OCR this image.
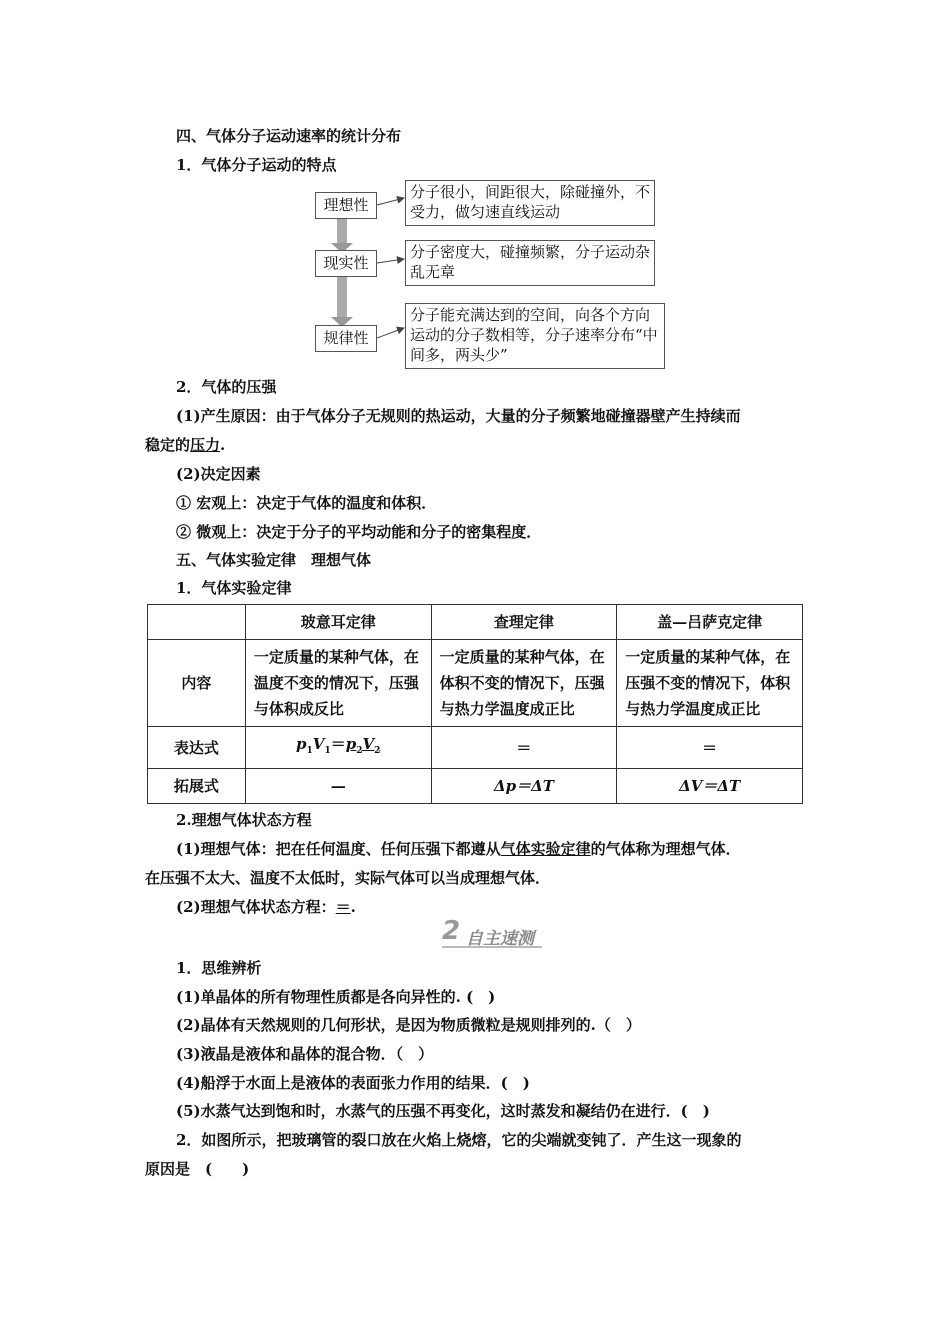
四、气体分子运动速率的统计分布
1．气体分子运动的特点
理想性
分子很小，间距很大，除碰撞外，不受力，做匀速直线运动
现实性
分子密度大，碰撞频繁，分子运动杂乱无章
规律性
分子能充满达到的空间，向各个方向运动的分子数相等，分子速率分布“中间多，两头少”
2．气体的压强
(1)产生原因：由于气体分子无规则的热运动，大量的分子频繁地碰撞器壁产生持续而
稳定的压力.
(2)决定因素
① 宏观上：决定于气体的温度和体积．
② 微观上：决定于分子的平均动能和分子的密集程度．
五、气体实验定律　理想气体
1．气体实验定律
	玻意耳定律	查理定律	盖—吕萨克定律
内容	一定质量的某种气体，在温度不变的情况下，压强与体积成反比	一定质量的某种气体，在体积不变的情况下，压强与热力学温度成正比	一定质量的某种气体，在压强不变的情况下，体积与热力学温度成正比
表达式	$p_1V_1=p_2V_2$	＝	＝
拓展式	—	Δp＝ΔT	ΔV＝ΔT
2.理想气体状态方程
(1)理想气体：把在任何温度、任何压强下都遵从气体实验定律的气体称为理想气体．
在压强不太大、温度不太低时，实际气体可以当成理想气体．
(2)理想气体状态方程：＝.
2 自主速测
1．思维辨析
(1)单晶体的所有物理性质都是各向异性的. (　)
(2)晶体有天然规则的几何形状，是因为物质微粒是规则排列的.（　）
(3)液晶是液体和晶体的混合物．（　）
(4)船浮于水面上是液体的表面张力作用的结果．(　)
(5)水蒸气达到饱和时，水蒸气的压强不再变化，这时蒸发和凝结仍在进行．(　)
2．如图所示，把玻璃管的裂口放在火焰上烧熔，它的尖端就变钝了．产生这一现象的
原因是　(　　)
